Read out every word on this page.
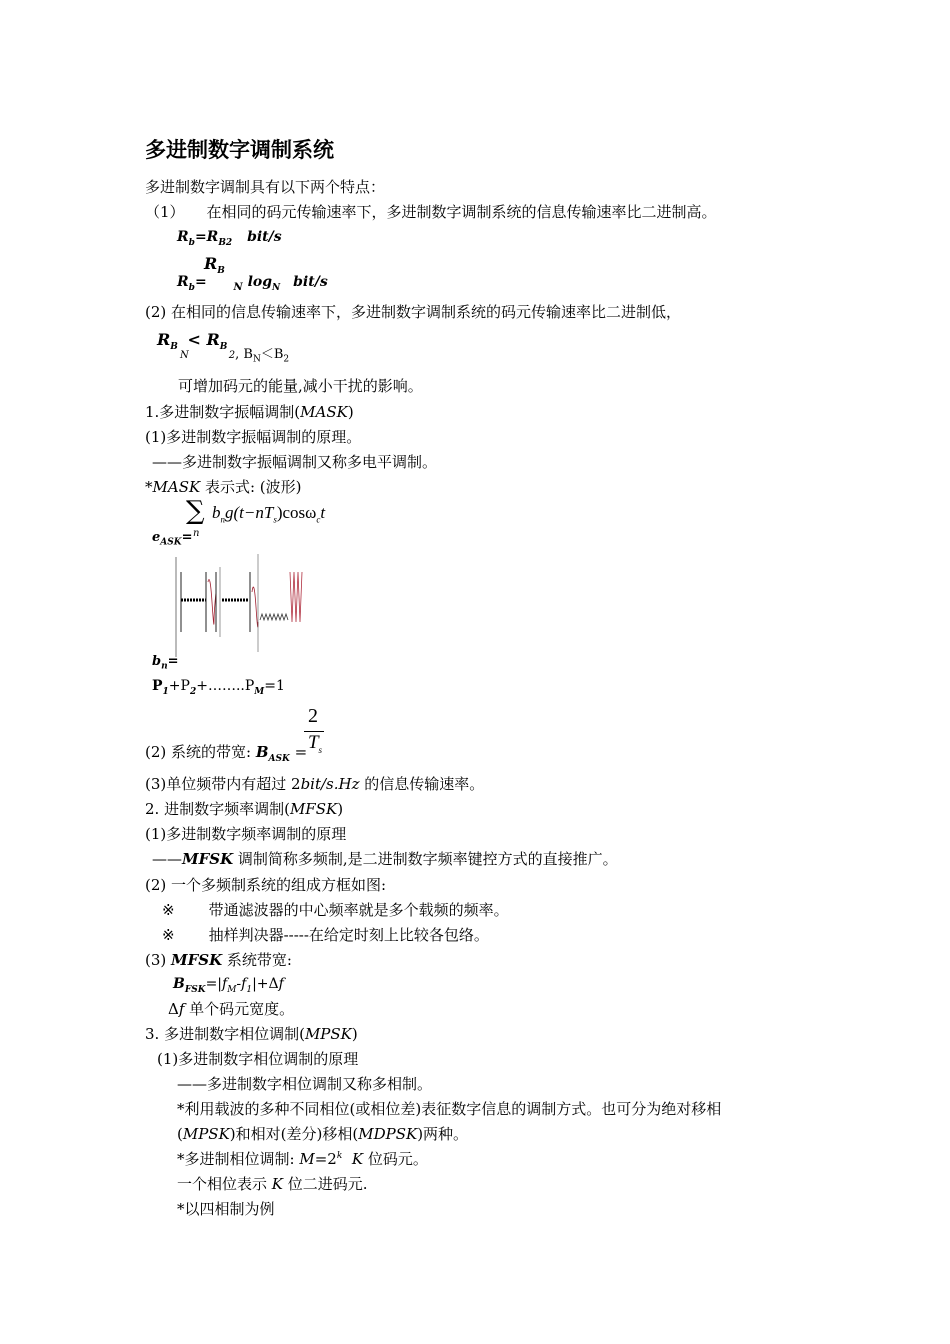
多进制数字调制系统
多进制数字调制具有以下两个特点：
（1） 在相同的码元传输速率下，多进制数字调制系统的信息传输速率比二进制高。
$R_b=R_{B2}$ bit/s
$R_B$
$R_b=$	$_N$ $\log_N bit/s$
(2) 在相同的信息传输速率下，多进制数字调制系统的码元传输速率比二进制低，
$R_B < R_B$
N	2, $B_N<B_2$
可增加码元的能量,减小干扰的影响。
1.多进制数字振幅调制(MASK)
(1)多进制数字振幅调制的原理。
——多进制数字振幅调制又称多电平调制。
*MASK 表示式: (波形)
∑
n
$b_ng(t-nT_s)\cos\omega_ct$
$e_{ASK}=$
$b_n=$
$P_1+P_2+\dots\dots..P_M=1$
2
$T_s$
(2) 系统的带宽: $B_{ASK}$ =
(3)单位频带内有超过 2bit/s.Hz 的信息传输速率。
2. 进制数字频率调制(MFSK)
(1)多进制数字频率调制的原理
——MFSK 调制简称多频制,是二进制数字频率键控方式的直接推广。
(2) 一个多频制系统的组成方框如图:
※ 带通滤波器的中心频率就是多个载频的频率。
※ 抽样判决器-----在给定时刻上比较各包络。
(3) MFSK 系统带宽:
$B_{FSK}=|f_M-f_1|+\Delta f$
Δf 单个码元宽度。
3. 多进制数字相位调制(MPSK)
(1)多进制数字相位调制的原理
——多进制数字相位调制又称多相制。
*利用载波的多种不同相位(或相位差)表征数字信息的调制方式。也可分为绝对移相
(MPSK)和相对(差分)移相(MDPSK)两种。
*多进制相位调制: $M=2^k$ K 位码元。
一个相位表示 K 位二进码元.
*以四相制为例
